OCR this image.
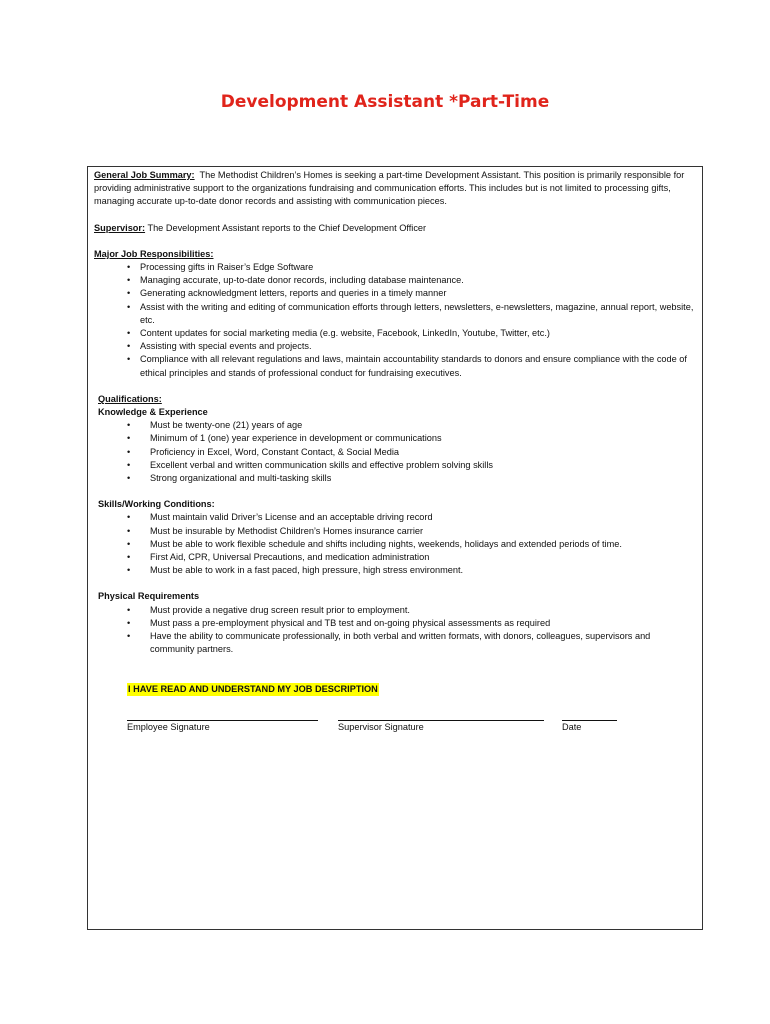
Development Assistant *Part-Time

General Job Summary: The Methodist Children’s Homes is seeking a part-time Development Assistant. This position is primarily responsible for providing administrative support to the organizations fundraising and communication efforts. This includes but is not limited to processing gifts, managing accurate up-to-date donor records and assisting with communication pieces.

Supervisor: The Development Assistant reports to the Chief Development Officer

Major Job Responsibilities:

• Processing gifts in Raiser’s Edge Software
• Managing accurate, up-to-date donor records, including database maintenance.
• Generating acknowledgment letters, reports and queries in a timely manner
• Assist with the writing and editing of communication efforts through letters, newsletters, e-newsletters, magazine, annual report, website, etc.
• Content updates for social marketing media (e.g. website, Facebook, LinkedIn, Youtube, Twitter, etc.)
• Assisting with special events and projects.
• Compliance with all relevant regulations and laws, maintain accountability standards to donors and ensure compliance with the code of ethical principles and stands of professional conduct for fundraising executives.

Qualifications:

Knowledge & Experience

• Must be twenty-one (21) years of age
• Minimum of 1 (one) year experience in development or communications
• Proficiency in Excel, Word, Constant Contact, & Social Media
• Excellent verbal and written communication skills and effective problem solving skills
• Strong organizational and multi-tasking skills

Skills/Working Conditions:

• Must maintain valid Driver’s License and an acceptable driving record
• Must be insurable by Methodist Children’s Homes insurance carrier
• Must be able to work flexible schedule and shifts including nights, weekends, holidays and extended periods of time.
• First Aid, CPR, Universal Precautions, and medication administration
• Must be able to work in a fast paced, high pressure, high stress environment.

Physical Requirements

• Must provide a negative drug screen result prior to employment.
• Must pass a pre-employment physical and TB test and on-going physical assessments as required
• Have the ability to communicate professionally, in both verbal and written formats, with donors, colleagues, supervisors and community partners.

I HAVE READ AND UNDERSTAND MY JOB DESCRIPTION

Employee Signature	Supervisor Signature	Date
